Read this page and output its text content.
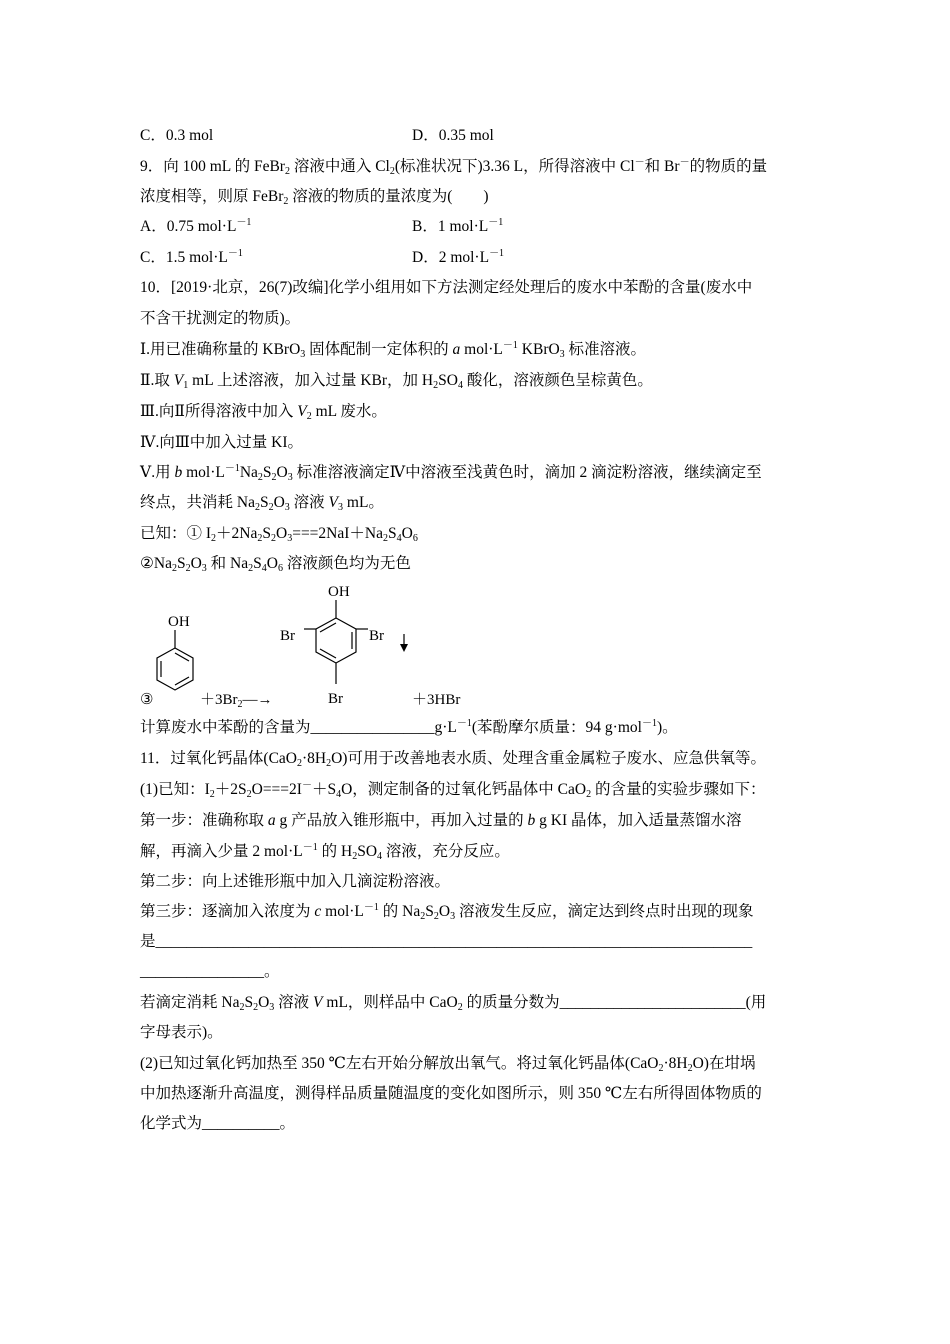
C．0.3 mol	D．0.35 mol
9．向 100 mL 的 FeBr$_2$ 溶液中通入 $Cl_2$(标准状况下)3.36 L，所得溶液中 Cl－和 Br－的物质的量
浓度相等，则原 FeBr$_2$ 溶液的物质的量浓度为(　　)
A．0.75 $mol\cdot L^{-1}$	B．1 $mol\cdot L^{-1}$
C．1.5 $mol\cdot L^{-1}$	D．2 $mol\cdot L^{-1}$
10．[2019·北京，26(7)改编]化学小组用如下方法测定经处理后的废水中苯酚的含量(废水中
不含干扰测定的物质)。
Ⅰ.用已准确称量的 KBrO$_3$ 固体配制一定体积的 a $mol\cdot L^{-1}$ KBrO$_3$ 标准溶液。
Ⅱ.取 $V_1$ mL 上述溶液，加入过量 KBr，加 $H_2SO_4$ 酸化，溶液颜色呈棕黄色。
Ⅲ.向Ⅱ所得溶液中加入 $V_2$ mL 废水。
Ⅳ.向Ⅲ中加入过量 KI。
Ⅴ.用 b $mol\cdot L^{-1}Na_2S_2O_3$ 标准溶液滴定Ⅳ中溶液至浅黄色时，滴加 2 滴淀粉溶液，继续滴定至
终点，共消耗 $Na_2S_2O_3$ 溶液 $V_3$ mL。
已知：① $I_2+2Na_2S_2O_3===2NaI+Na_2S_4O_6$
$②Na_2S_2O_3$ 和 $Na_2S_4O_6$ 溶液颜色均为无色
OH
③	$+3Br_2―\to$
OH
Br	Br
Br	＋3HBr
计算废水中苯酚的含量为$\_\_\_\_\_\_\_\_\_\_\_\_\_\_\_\_g\cdot L^{-1}$(苯酚摩尔质量：94 g·mol$^{-1}$)。
11．过氧化钙晶体$(CaO_2\cdot 8H_2O)$可用于改善地表水质、处理含重金属粒子废水、应急供氧等。
(1)已知：$I_2+2S_2O===2I^-+S_4O$，测定制备的过氧化钙晶体中 CaO$_2$ 的含量的实验步骤如下：
第一步：准确称取 a g 产品放入锥形瓶中，再加入过量的 b g KI 晶体，加入适量蒸馏水溶
解，再滴入少量 2 $mol\cdot L^{-1}$ 的 $H_2SO_4$ 溶液，充分反应。
第二步：向上述锥形瓶中加入几滴淀粉溶液。
第三步：逐滴加入浓度为 c $mol\cdot L^{-1}$ 的 $Na_2S_2O_3$ 溶液发生反应，滴定达到终点时出现的现象
是_____________________________________________________________________________
________________。
若滴定消耗 $Na_2S_2O_3$ 溶液 V mL，则样品中 CaO$_2$ 的质量分数为________________________(用
字母表示)。
(2)已知过氧化钙加热至 350 ℃左右开始分解放出氧气。将过氧化钙晶体$(CaO_2\cdot 8H_2O)$在坩埚
中加热逐渐升高温度，测得样品质量随温度的变化如图所示，则 350 ℃左右所得固体物质的
化学式为__________。
